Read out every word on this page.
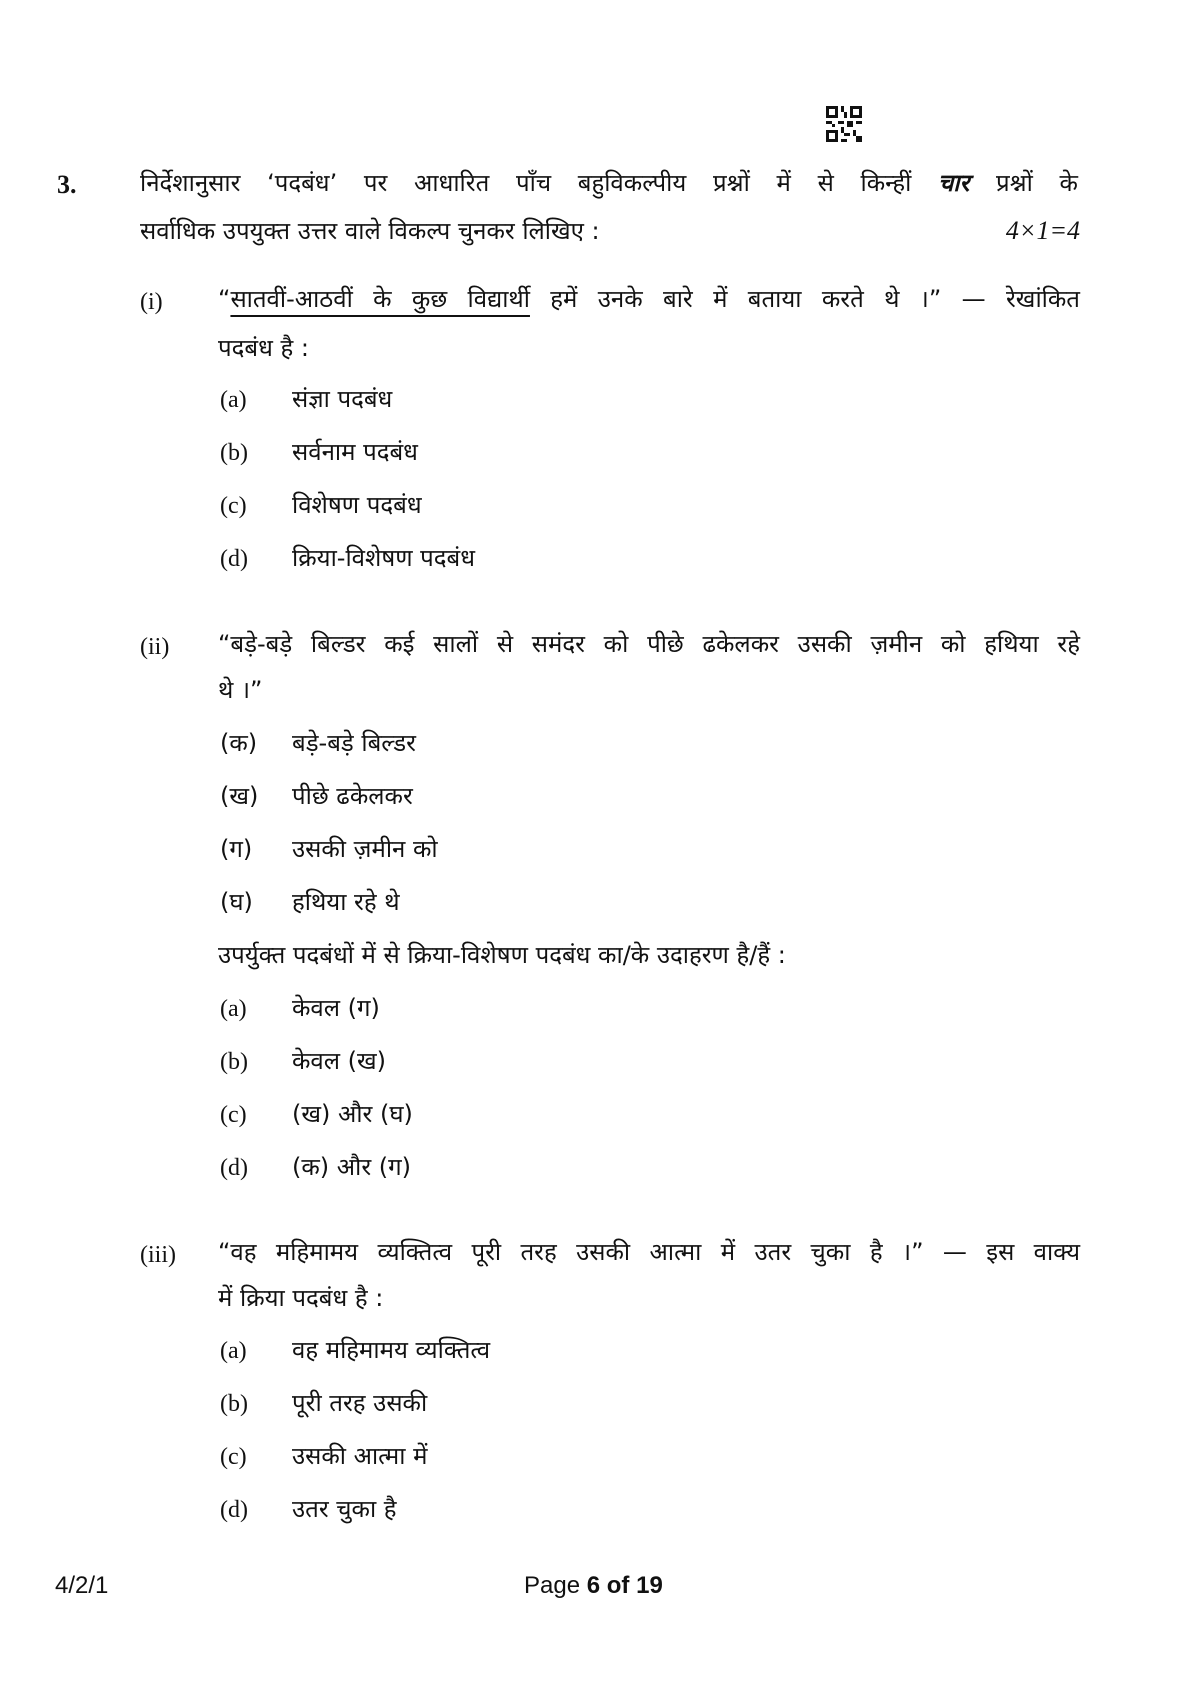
3.	निर्देशानुसार ‘पदबंध’ पर आधारित पाँच बहुविकल्पीय प्रश्नों में से किन्हीं चार प्रश्नों के
सर्वाधिक उपयुक्त उत्तर वाले विकल्प चुनकर लिखिए :	4×1=4
(i) “सातवीं-आठवीं के कुछ विद्यार्थी हमें उनके बारे में बताया करते थे ।” — रेखांकित
पदबंध है :
(a) संज्ञा पदबंध
(b) सर्वनाम पदबंध
(c) विशेषण पदबंध
(d) क्रिया-विशेषण पदबंध
(ii) “बड़े-बड़े बिल्डर कई सालों से समंदर को पीछे ढकेलकर उसकी ज़मीन को हथिया रहे
थे ।”
(क) बड़े-बड़े बिल्डर
(ख) पीछे ढकेलकर
(ग) उसकी ज़मीन को
(घ) हथिया रहे थे
उपर्युक्त पदबंधों में से क्रिया-विशेषण पदबंध का/के उदाहरण है/हैं :
(a) केवल (ग)
(b) केवल (ख)
(c) (ख) और (घ)
(d) (क) और (ग)
(iii) “वह महिमामय व्यक्तित्व पूरी तरह उसकी आत्मा में उतर चुका है ।” — इस वाक्य
में क्रिया पदबंध है :
(a) वह महिमामय व्यक्तित्व
(b) पूरी तरह उसकी
(c) उसकी आत्मा में
(d) उतर चुका है
4/2/1	Page 6 of 19
